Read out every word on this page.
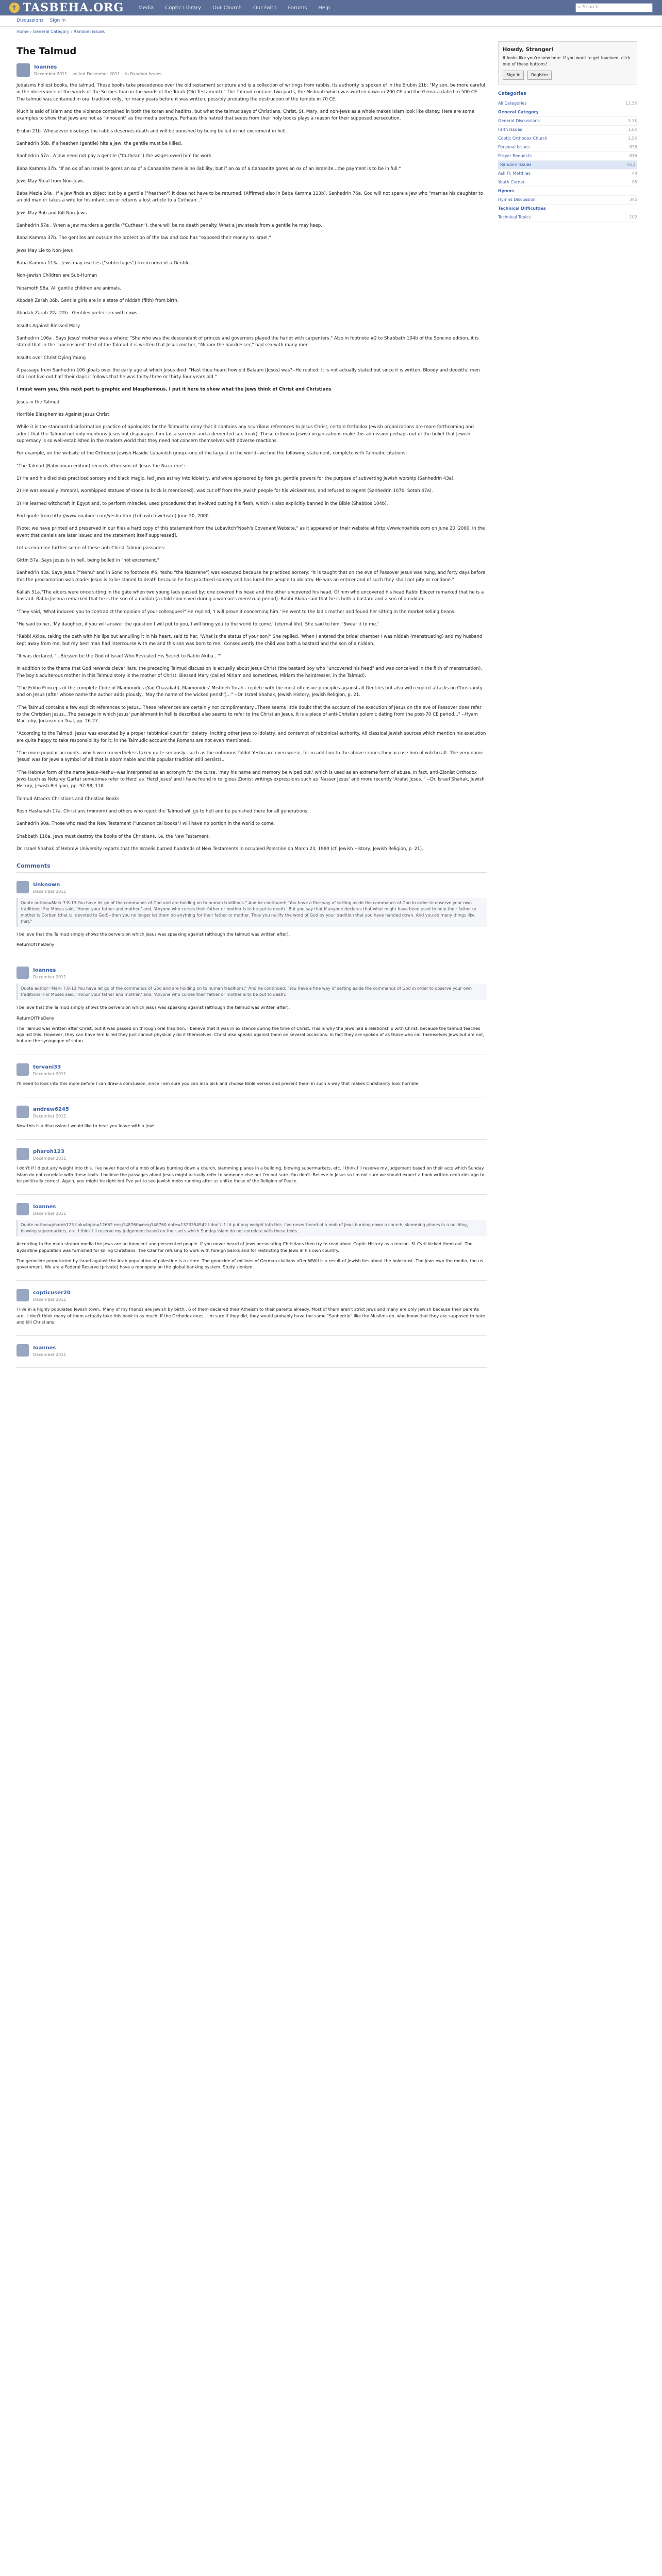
✝ TASBEHA.ORG	Media Coptic Library Our Church Our Faith Forums Help	⌕ Search
Discussions Sign In
Home › General Category › Random issues
The Talmud
Ioannes
December 2011 edited December 2011 in Random Issues

Judaisms holiest books, the talmud. These books take precedence over the old testament scripture and is a collection of writings from rabbis. Its authority is spoken of in the Erubin 21b: "My son, be more careful in the observance of the words of the Scribes than in the words of the Torah (Old Testament)." The Talmud contains two parts, the Mishnah which was written down in 200 CE and the Gemara dated to 500 CE. The talmud was contained in oral tradition only, for many years before it was written, possibly predating the destruction of the temple in 70 CE.

Much is said of Islam and the violence contained in both the koran and hadiths, but what the talmud says of Christians, Christ, St. Mary, and non-Jews as a whole makes Islam look like disney. Here are some examples to show that Jews are not as "innocent" as the media portrays. Perhaps this hatred that seeps from their holy books plays a reason for their supposed persecution.

Erubin 21b. Whosoever disobeys the rabbis deserves death and will be punished by being boiled in hot excrement in hell.

Sanhedrin 58b. If a heathen (gentile) hits a Jew, the gentile must be killed.

Sanhedrin 57a . A Jew need not pay a gentile ("Cuthean") the wages owed him for work.

Baba Kamma 37b. "If an ox of an Israelite gores an ox of a Canaanite there is no liability; but if an ox of a Canaanite gores an ox of an Israelite...the payment is to be in full."

Jews May Steal from Non-Jews

Baba Mezia 24a . If a Jew finds an object lost by a gentile ("heathen") it does not have to be returned. (Affirmed also in Baba Kamma 113b). Sanhedrin 76a. God will not spare a Jew who "marries his daughter to an old man or takes a wife for his infant son or returns a lost article to a Cuthean..."

Jews May Rob and Kill Non-Jews

Sanhedrin 57a . When a Jew murders a gentile ("Cuthean"), there will be no death penalty. What a Jew steals from a gentile he may keep.

Baba Kamma 37b. The gentiles are outside the protection of the law and God has "exposed their money to Israel."

Jews May Lie to Non-Jews

Baba Kamma 113a. Jews may use lies ("subterfuges") to circumvent a Gentile.

Non-Jewish Children are Sub-Human

Yebamoth 98a. All gentile children are animals.

Abodah Zarah 36b. Gentile girls are in a state of niddah (filth) from birth.

Abodah Zarah 22a-22b . Gentiles prefer sex with cows.

Insults Against Blessed Mary

Sanhedrin 106a . Says Jesus' mother was a whore: "She who was the descendant of princes and governors played the harlot with carpenters." Also in footnote #2 to Shabbath 104b of the Soncino edition, it is stated that in the "uncensored" text of the Talmud it is written that Jesus mother, "Miriam the hairdresser," had sex with many men.

Insults over Christ Dying Young

A passage from Sanhedrin 106 gloats over the early age at which Jesus died: "Hast thou heard how old Balaam (Jesus) was?--He replied: It is not actually stated but since it is written, Bloody and deceitful men shall not live out half their days it follows that he was thirty-three or thirty-four years old."

I must warn you, this next part is graphic and blasphemous. I put it here to show what the Jews think of Christ and Christians

Jesus in the Talmud

Horrible Blasphemies Against Jesus Christ

While it is the standard disinformation practice of apologists for the Talmud to deny that it contains any scurrilous references to Jesus Christ, certain Orthodox Jewish organizations are more forthcoming and admit that the Talmud not only mentions Jesus but disparages him (as a sorcerer and a demented sex freak). These orthodox Jewish organizations make this admission perhaps out of the belief that Jewish supremacy is so well-established in the modern world that they need not concern themselves with adverse reactions.

For example, on the website of the Orthodox Jewish Hasidic Lubavitch group--one of the largest in the world--we find the following statement, complete with Talmudic citations:

"The Talmud (Babylonian edition) records other sins of 'Jesus the Nazarene':

1) He and his disciples practiced sorcery and black magic, led Jews astray into idolatry, and were sponsored by foreign, gentile powers for the purpose of subverting Jewish worship (Sanhedrin 43a).

2) He was sexually immoral, worshipped statues of stone (a brick is mentioned), was cut off from the Jewish people for his wickedness, and refused to repent (Sanhedrin 107b; Sotah 47a).

3) He learned witchcraft in Egypt and, to perform miracles, used procedures that involved cutting his flesh, which is also explicitly banned in the Bible (Shabbos 104b).

End quote from http://www.noahide.com/yeshu.htm (Lubavitch website) June 20, 2000

[Note: we have printed and preserved in our files a hard copy of this statement from the Lubavitch"Noah's Covenant Website," as it appeared on their website at http://www.noahide.com on June 20, 2000, in the event that denials are later issued and the statement itself suppressed].

Let us examine further some of these anti-Christ Talmud passages:

Gittin 57a. Says Jesus is in hell, being boiled in "hot excrement."

Sanhedrin 43a. Says Jesus ("Yeshu" and in Soncino footnote #6, Yeshu "the Nazarene") was executed because he practiced sorcery: "It is taught that on the eve of Passover Jesus was hung, and forty days before this the proclamation was made: Jesus is to be stoned to death because he has practiced sorcery and has lured the people to idolatry. He was an enticer and of such they shall not pity or condone."

Kallah 51a."The elders were once sitting in the gate when two young lads passed by; one covered his head and the other uncovered his head. Of him who uncovered his head Rabbi Eliezer remarked that he is a bastard. Rabbi Joshua remarked that he is the son of a niddah (a child conceived during a woman's menstrual period). Rabbi Akiba said that he is both a bastard and a son of a niddah.

"They said, 'What induced you to contradict the opinion of your colleagues?' He replied, 'I will prove it concerning him.' He went to the lad's mother and found her sitting in the market selling beans.

"He said to her, 'My daughter, if you will answer the question I will put to you, I will bring you to the world to come.' (eternal life). She said to him, 'Swear it to me.'

"Rabbi Akiba, taking the oath with his lips but annulling it in his heart, said to her, 'What is the status of your son?' She replied, 'When I entered the bridal chamber I was niddah (menstruating) and my husband kept away from me; but my best man had intercourse with me and this son was born to me.' Consequently the child was both a bastard and the son of a niddah.

"It was declared, '...Blessed be the God of Israel Who Revealed His Secret to Rabbi Akiba...'"

In addition to the theme that God rewards clever liars, the preceding Talmud discussion is actually about Jesus Christ (the bastard boy who "uncovered his head" and was conceived in the filth of menstruation). The boy's adulterous mother in this Talmud story is the mother of Christ, Blessed Mary (called Miriam and sometimes, Miriam the hairdresser, in the Talmud).

"The Editio Princeps of the complete Code of Maimonides (Yad Chazakah), Maimonides' Mishneh Torah - replete with the most offensive principles against all Gentiles but also with explicit attacks on Christianity and on Jesus (after whose name the author adds piously, 'May the name of the wicked perish')..." --Dr. Israel Shahak, Jewish History, Jewish Religion, p. 21.

"The Talmud contains a few explicit references to Jesus...These references are certainly not complimentary...There seems little doubt that the account of the execution of Jesus on the eve of Passover does refer to the Christian Jesus...The passage in which Jesus' punishment in hell is described also seems to refer to the Christian Jesus. It is a piece of anti-Christian polemic dating from the post-70 CE period..." --Hyam Maccoby, Judaism on Trial, pp. 26-27.

"According to the Talmud, Jesus was executed by a proper rabbinical court for idolatry, inciting other Jews to idolatry, and contempt of rabbinical authority. All classical Jewish sources which mention his execution are quite happy to take responsibility for it; in the Talmudic account the Romans are not even mentioned.

"The more popular accounts--which were nevertheless taken quite seriously--such as the notorious Toldot Yeshu are even worse, for in addition to the above crimes they accuse him of witchcraft. The very name 'Jesus' was for Jews a symbol of all that is abominable and this popular tradition still persists...

"The Hebrew form of the name Jesus--Yeshu--was interpreted as an acronym for the curse, 'may his name and memory be wiped out,' which is used as an extreme form of abuse. In fact, anti-Zionist Orthodox Jews (such as Neturey Qarta) sometimes refer to Herzl as 'Herzl Jesus' and I have found in religious Zionist writings expressions such as 'Nasser Jesus' and more recently 'Arafat Jesus.'" --Dr. Israel Shahak, Jewish History, Jewish Religion, pp. 97-98, 118.

Talmud Attacks Christians and Christian Books

Rosh Hashanah 17a. Christians (minnim) and others who reject the Talmud will go to hell and be punished there for all generations.

Sanhedrin 90a. Those who read the New Testament ("uncanonical books") will have no portion in the world to come.

Shabbath 116a. Jews must destroy the books of the Christians, i.e. the New Testament.

Dr. Israel Shahak of Hebrew University reports that the Israelis burned hundreds of New Testaments in occupied Palestine on March 23, 1980 (cf. Jewish History, Jewish Religion, p. 21).

Comments
Unknown
December 2011
Quote author=Mark 7:8-13 You have let go of the commands of God and are holding on to human traditions." And he continued: "You have a fine way of setting aside the commands of God in order to observe your own traditions! For Moses said, 'Honor your father and mother,' and, 'Anyone who curses their father or mother is to be put to death.' But you say that if anyone declares that what might have been used to help their father or mother is Corban (that is, devoted to God)--then you no longer let them do anything for their father or mother. Thus you nullify the word of God by your tradition that you have handed down. And you do many things like that."

I believe that the Talmud simply shows the perversion which Jesus was speaking against (although the talmud was written after).

ReturnOfTheDeny

Ioannes
December 2011
Quote author=Mark 7:8-13 You have let go of the commands of God and are holding on to human traditions." And he continued: "You have a fine way of setting aside the commands of God in order to observe your own traditions! For Moses said, 'Honor your father and mother,' and, 'Anyone who curses their father or mother is to be put to death.'

I believe that the Talmud simply shows the perversion which Jesus was speaking against (although the talmud was written after).

ReturnOfTheDeny

The Talmud was written after Christ, but it was passed on through oral tradition. I believe that it was in existence during the time of Christ. This is why the Jews had a relationship with Christ, because the talmud teaches against this. However, they can have him killed they just cannot physically do it themselves. Christ also speaks against them on several occasions. In fact they are spoken of as those who call themselves Jews but are not, but are the synagogue of satan.

tervani33
December 2011

I'll need to look into this more before I can draw a conclusion, since I am sure you can also pick and choose Bible verses and present them in such a way that makes Christianity look horrible.

andrew6245
December 2011

Now this is a discussion I would like to hear you leave with a jew!

pharoh123
December 2011

I don't if I'd put any weight into this. I've never heard of a mob of Jews burning down a church, slamming planes in a building, blowing supermarkets, etc. I think I'll reserve my judgement based on their acts which Sunday Islam do not correlate with these texts. I believe the passages about Jesus might actually refer to someone else but I'm not sure. You don't. Believe in Jesus so I'm not sure we should expect a book written centuries ago to be politically correct. Again, you might be right but I've yet to see jewish mobs running after us unlike those of the Religion of Peace.

Ioannes
December 2011
Quote author=pharoh123 link=topic=12662.msg148760#msg148760 date=1323354942 I don't if I'd put any weight into this. I've never heard of a mob of Jews burning down a church, slamming planes in a building, blowing supermarkets, etc. I think I'll reserve my judgement based on their acts which Sunday Islam do not correlate with these texts.

According to the main stream media the Jews are an innocent and persecuted people. If you never heard of Jews persecuting Christians then try to read about Coptic History as a reason. St Cyril kicked them out. The Byzantine population was furnished for killing Christians. The Czar for refusing to work with foreign banks and for restricting the Jews in his own country.

The genocide perpetrated by Israel against the Arab population of palestine is a crime. The genocide of millions of German civilians after WWII is a result of Jewish lies about the holocaust. The Jews own the media, the us government. We are a Federal Reserve (private) have a monopoly on the global banking system. Study zionism.

copticuser20
December 2011

I live in a highly populated Jewish town.. Many of my friends are Jewish by birth.. 6 of them declared their Atheism to their parents already. Most of them aren't strict Jews and many are only Jewish because their parents are.. I don't think many of them actually take this book in as much. If the Orthodox ones.. I'm sure if they did, they would probably have the same "Sanhedrin" like the Muslims do. who knew that they are supposed to hate and kill Christians.

Ioannes
December 2011
Howdy, Stranger!

It looks like you're new here. If you want to get involved, click one of these buttons!

Sign In	Register
Categories
All Categories	12.5K
General Category
General Discussions	3.3K
Faith Issues	1.6K
Coptic Orthodox Church	1.5K
Personal Issues	836
Prayer Requests	616
Random Issues	832
Ask Fr. Matthias	44
Youth Corner	85
Hymns
Hymns Discussion	345
Technical Difficulties
Technical Topics	102
